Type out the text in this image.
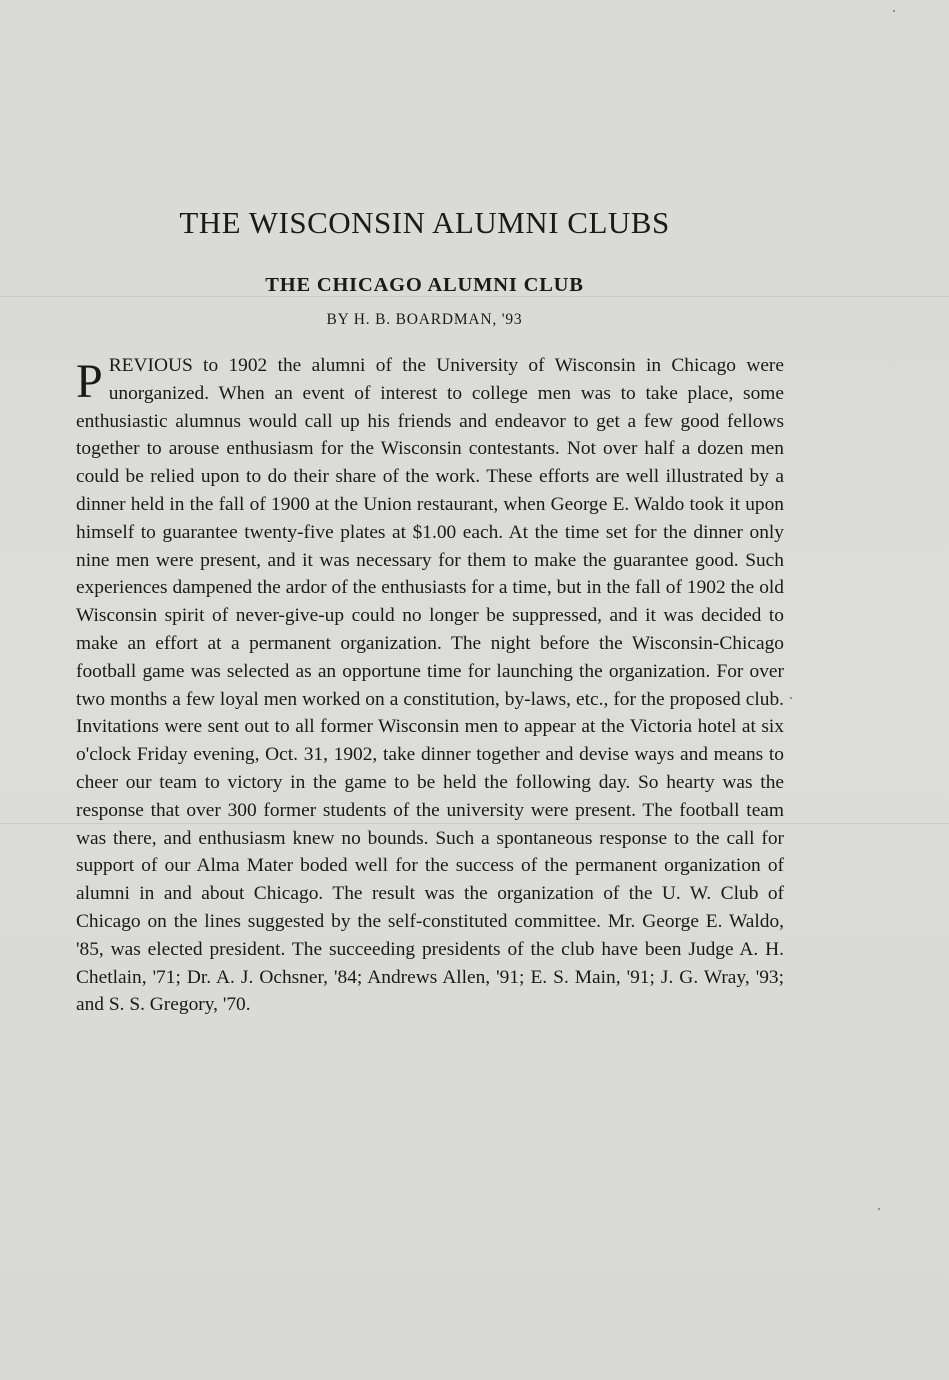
THE WISCONSIN ALUMNI CLUBS
THE CHICAGO ALUMNI CLUB
BY H. B. BOARDMAN, '93

PREVIOUS to 1902 the alumni of the University of Wisconsin in Chicago were unorganized. When an event of interest to college men was to take place, some enthusiastic alumnus would call up his friends and endeavor to get a few good fellows together to arouse enthusiasm for the Wisconsin contestants. Not over half a dozen men could be relied upon to do their share of the work. These efforts are well illustrated by a dinner held in the fall of 1900 at the Union restaurant, when George E. Waldo took it upon himself to guarantee twenty-five plates at $1.00 each. At the time set for the dinner only nine men were present, and it was necessary for them to make the guarantee good. Such experiences dampened the ardor of the enthusiasts for a time, but in the fall of 1902 the old Wisconsin spirit of never-give-up could no longer be suppressed, and it was decided to make an effort at a permanent organization. The night before the Wisconsin-Chicago football game was selected as an opportune time for launching the organization. For over two months a few loyal men worked on a constitution, by-laws, etc., for the proposed club. Invitations were sent out to all former Wisconsin men to appear at the Victoria hotel at six o'clock Friday evening, Oct. 31, 1902, take dinner together and devise ways and means to cheer our team to victory in the game to be held the following day. So hearty was the response that over 300 former students of the university were present. The football team was there, and enthusiasm knew no bounds. Such a spontaneous response to the call for support of our Alma Mater boded well for the success of the permanent organization of alumni in and about Chicago. The result was the organization of the U. W. Club of Chicago on the lines suggested by the self-constituted committee. Mr. George E. Waldo, '85, was elected president. The succeeding presidents of the club have been Judge A. H. Chetlain, '71; Dr. A. J. Ochsner, '84; Andrews Allen, '91; E. S. Main, '91; J. G. Wray, '93; and S. S. Gregory, '70.
